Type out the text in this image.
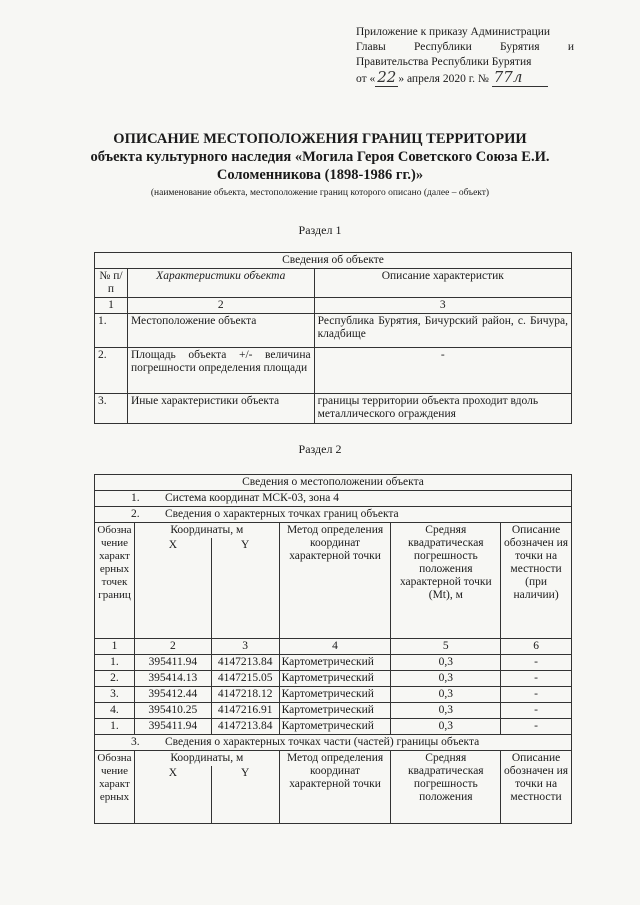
Приложение к приказу Администрации
Главы Республики Бурятия и
Правительства Республики Бурятия
от « 22 » апреля 2020 г. № 77л
ОПИСАНИЕ МЕСТОПОЛОЖЕНИЯ ГРАНИЦ ТЕРРИТОРИИ
объекта культурного наследия «Могила Героя Советского Союза Е.И.
Соломенникова (1898-1986 гг.)»
(наименование объекта, местоположение границ которого описано (далее – объект)
Раздел 1
Сведения об объекте		
№ п/п	Характеристики объекта	Описание характеристик
1	2	3
1.	Местоположение объекта	Республика Бурятия, Бичурский район, с. Бичура, кладбище
2.	Площадь объекта +/- величина погрешности определения площади	-
3.	Иные характеристики объекта	границы территории объекта проходит вдоль металлического ограждения
Раздел 2
Сведения о местоположении объекта					
1. Система координат МСК-03, зона 4					
2. Сведения о характерных точках границ объекта					
Обозна чение характ ерных точек границ	Координаты, м		Метод определения координат характерной точки	Средняя квадратическая погрешность положения характерной точки (Мt), м	Описание обозначен ия точки на местности (при наличии)
	X	Y			
1	2	3	4	5	6
1.	395411.94	4147213.84	Картометрический	0,3	-
2.	395414.13	4147215.05	Картометрический	0,3	-
3.	395412.44	4147218.12	Картометрический	0,3	-
4.	395410.25	4147216.91	Картометрический	0,3	-
1.	395411.94	4147213.84	Картометрический	0,3	-
3. Сведения о характерных точках части (частей) границы объекта					
Обозна чение характ ерных	Координаты, м		Метод определения координат характерной точки	Средняя квадратическая погрешность положения	Описание обозначен ия точки на местности
	X	Y			
